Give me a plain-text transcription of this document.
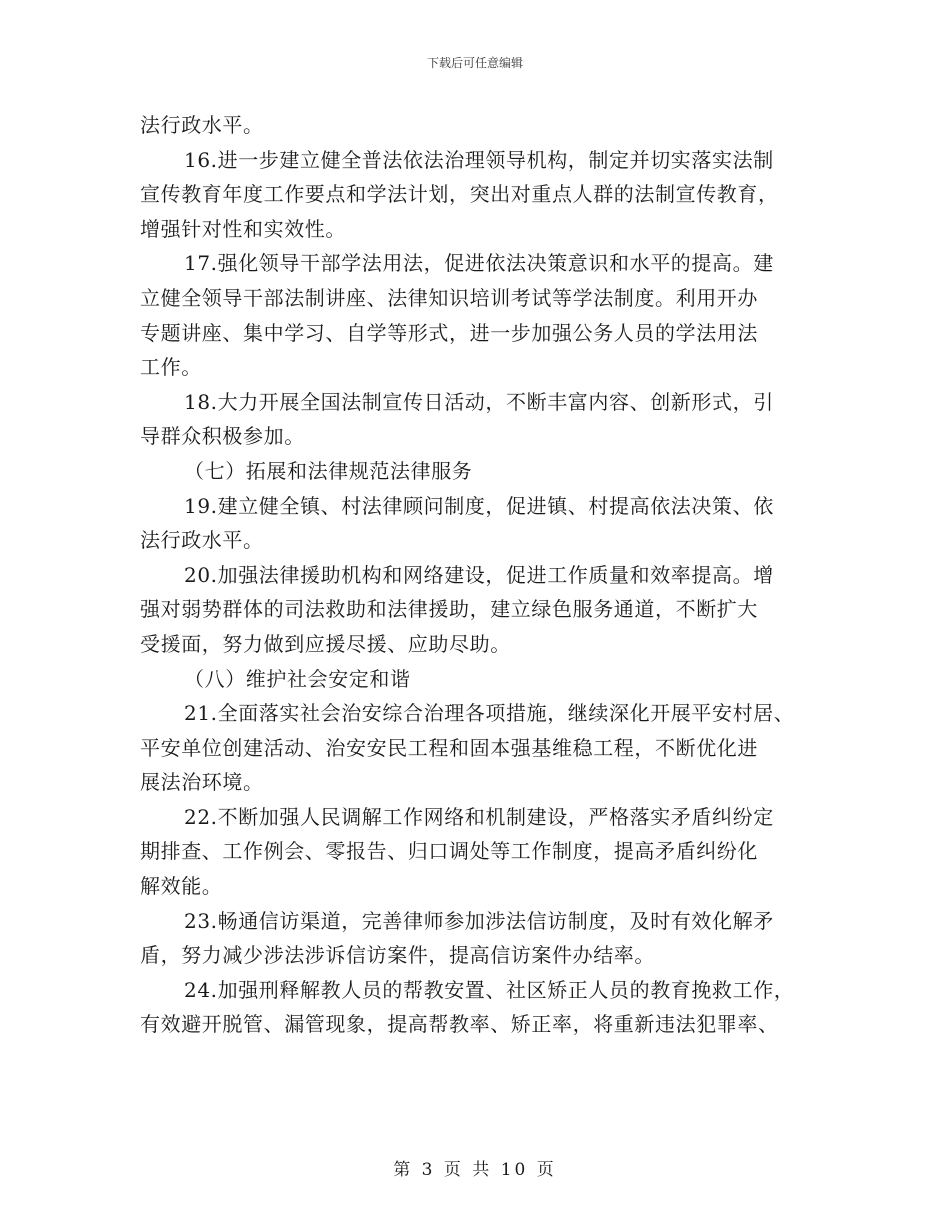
下载后可任意编辑
法行政水平。
16.进一步建立健全普法依法治理领导机构，制定并切实落实法制
宣传教育年度工作要点和学法计划，突出对重点人群的法制宣传教育，
增强针对性和实效性。
17.强化领导干部学法用法，促进依法决策意识和水平的提高。建
立健全领导干部法制讲座、法律知识培训考试等学法制度。利用开办
专题讲座、集中学习、自学等形式，进一步加强公务人员的学法用法
工作。
18.大力开展全国法制宣传日活动，不断丰富内容、创新形式，引
导群众积极参加。
（七）拓展和法律规范法律服务
19.建立健全镇、村法律顾问制度，促进镇、村提高依法决策、依
法行政水平。
20.加强法律援助机构和网络建设，促进工作质量和效率提高。增
强对弱势群体的司法救助和法律援助，建立绿色服务通道，不断扩大
受援面，努力做到应援尽援、应助尽助。
（八）维护社会安定和谐
21.全面落实社会治安综合治理各项措施，继续深化开展平安村居、
平安单位创建活动、治安安民工程和固本强基维稳工程，不断优化进
展法治环境。
22.不断加强人民调解工作网络和机制建设，严格落实矛盾纠纷定
期排查、工作例会、零报告、归口调处等工作制度，提高矛盾纠纷化
解效能。
23.畅通信访渠道，完善律师参加涉法信访制度，及时有效化解矛
盾，努力减少涉法涉诉信访案件，提高信访案件办结率。
24.加强刑释解教人员的帮教安置、社区矫正人员的教育挽救工作，
有效避开脱管、漏管现象，提高帮教率、矫正率，将重新违法犯罪率、
第 3 页 共 10 页
